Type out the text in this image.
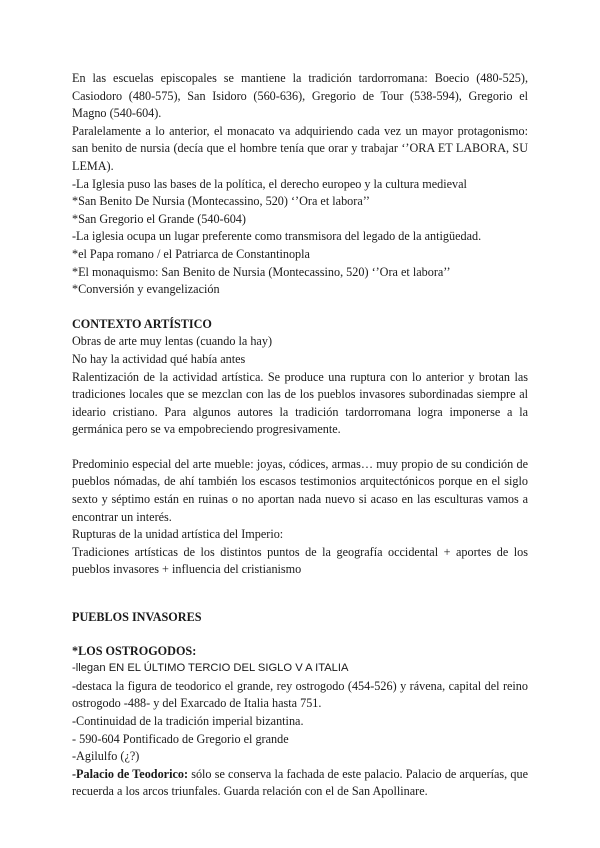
En las escuelas episcopales se mantiene la tradición tardorromana: Boecio (480-525), Casiodoro (480-575), San Isidoro (560-636), Gregorio de Tour (538-594), Gregorio el Magno (540-604).

Paralelamente a lo anterior, el monacato va adquiriendo cada vez un mayor protagonismo: san benito de nursia (decía que el hombre tenía que orar y trabajar ‘’ORA ET LABORA, SU LEMA).

-La Iglesia puso las bases de la política, el derecho europeo y la cultura medieval

*San Benito De Nursia (Montecassino, 520) ‘’Ora et labora’’

*San Gregorio el Grande (540-604)

-La iglesia ocupa un lugar preferente como transmisora del legado de la antigüedad.

*el Papa romano / el Patriarca de Constantinopla

*El monaquismo: San Benito de Nursia (Montecassino, 520) ‘’Ora et labora’’

*Conversión y evangelización

CONTEXTO ARTÍSTICO

Obras de arte muy lentas (cuando la hay)

No hay la actividad qué había antes

Ralentización de la actividad artística. Se produce una ruptura con lo anterior y brotan las tradiciones locales que se mezclan con las de los pueblos invasores subordinadas siempre al ideario cristiano. Para algunos autores la tradición tardorromana logra imponerse a la germánica pero se va empobreciendo progresivamente.

Predominio especial del arte mueble: joyas, códices, armas… muy propio de su condición de pueblos nómadas, de ahí también los escasos testimonios arquitectónicos porque en el siglo sexto y séptimo están en ruinas o no aportan nada nuevo si acaso en las esculturas vamos a encontrar un interés.

Rupturas de la unidad artística del Imperio:

Tradiciones artísticas de los distintos puntos de la geografía occidental + aportes de los pueblos invasores + influencia del cristianismo

PUEBLOS INVASORES

*LOS OSTROGODOS:

-llegan EN EL ÚLTIMO TERCIO DEL SIGLO V A ITALIA

-destaca la figura de teodorico el grande, rey ostrogodo (454-526) y rávena, capital del reino ostrogodo -488- y del Exarcado de Italia hasta 751.

-Continuidad de la tradición imperial bizantina.

- 590-604 Pontificado de Gregorio el grande

-Agilulfo (¿?)

-Palacio de Teodorico: sólo se conserva la fachada de este palacio. Palacio de arquerías, que recuerda a los arcos triunfales. Guarda relación con el de San Apollinare.
